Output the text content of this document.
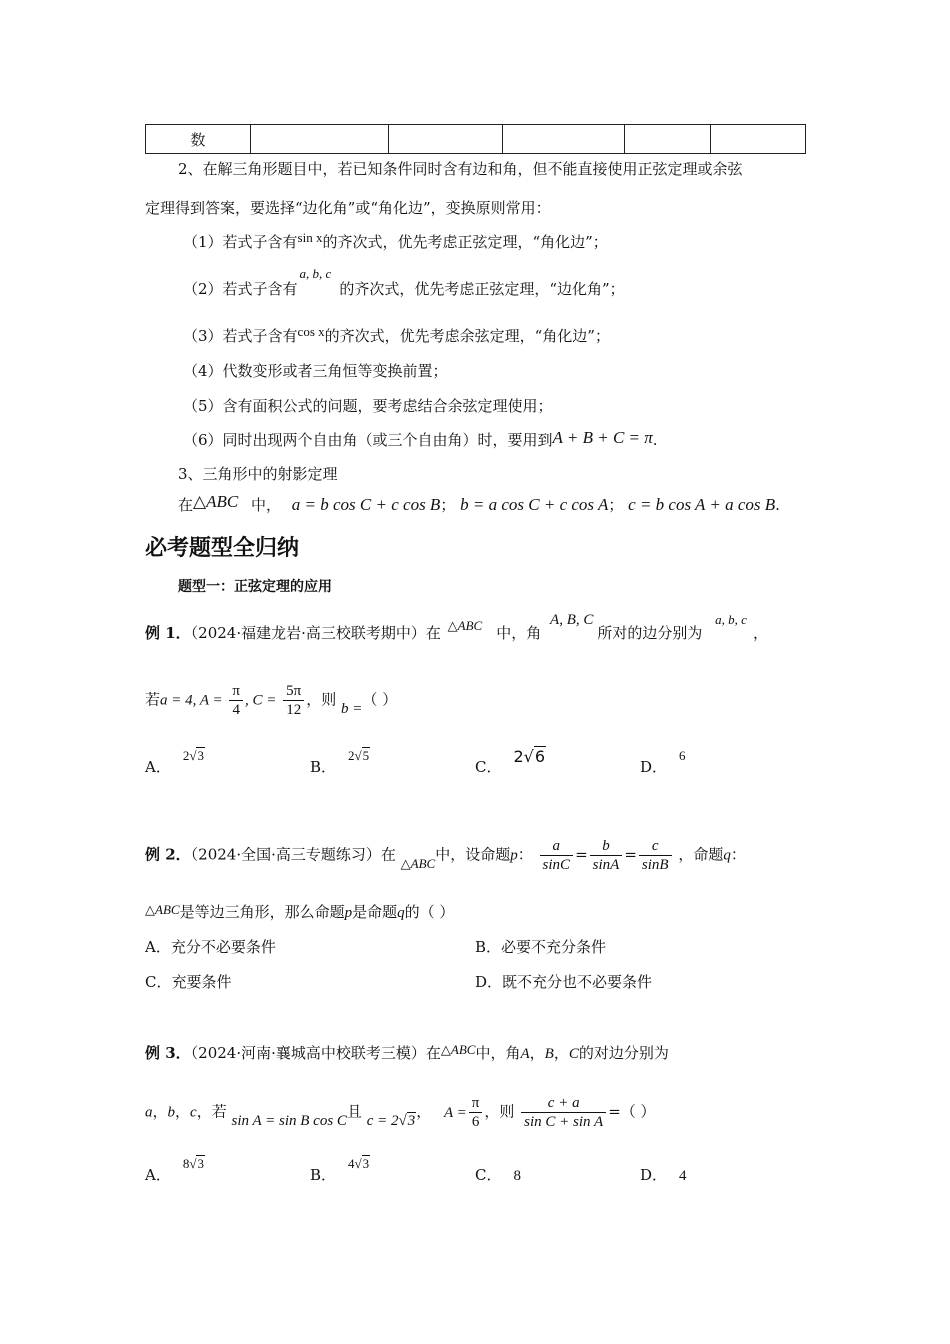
数					
2、在解三角形题目中，若已知条件同时含有边和角，但不能直接使用正弦定理或余弦
定理得到答案，要选择“边化角”或“角化边”，变换原则常用：
（1）若式子含有sin x的齐次式，优先考虑正弦定理，“角化边”；
（2）若式子含有a, b, c的齐次式，优先考虑正弦定理，“边化角”；
（3）若式子含有cos x的齐次式，优先考虑余弦定理，“角化边”；
（4）代数变形或者三角恒等变换前置；
（5）含有面积公式的问题，要考虑结合余弦定理使用；
（6）同时出现两个自由角（或三个自由角）时，要用到A + B + C = π.
3、三角形中的射影定理
在△ABC 中， a = b cos C + c cos B； b = a cos C + c cos A； c = b cos A + a cos B.
必考题型全归纳
题型一：正弦定理的应用
例 1．（2024·福建龙岩·高三校联考期中）在 △ABC 中，角 A, B, C所对的边分别为 a, b, c，
若a = 4, $A = \frac{\pi}{4}$ , $C = \frac{5\pi}{12}$ ，则 b =（ ）
A．2√3
B．2√5
C．2√6
D．6
例 2．（2024·全国·高三专题练习）在 △ABC中，设命题p： $\frac{a}{\sin C} = \frac{b}{\sin A} = \frac{c}{\sin B}$ ，命题q：
△ABC是等边三角形，那么命题p是命题q的（ ）
A．充分不必要条件	B．必要不充分条件
C．充要条件	D．既不充分也不必要条件
例 3．（2024·河南·襄城高中校联考三模）在△ABC中，角A，B，C的对边分别为
a，b，c，若 sin A = sin B cos C且 c = 2√3， $A = \frac{\pi}{6}$ ，则 $\frac{c + a}{\text{sin C + sin A}}$ =（ ）
A．8√3
B．4√3
C． 8	D． 4
